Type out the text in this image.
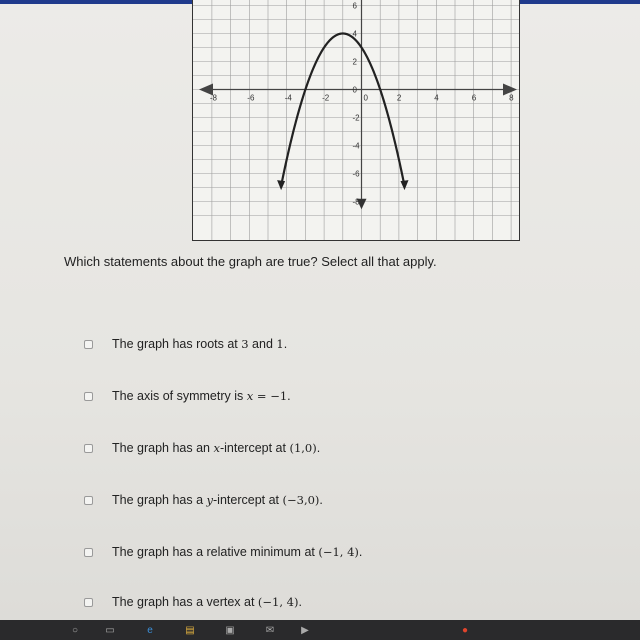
-8	-6	-4	-2	0	2	4	6	8
6
4
2
0
-2
-4
-6
-8
Which statements about the graph are true? Select all that apply.
The graph has roots at 3 and 1.
The axis of symmetry is x = −1.
The graph has an x-intercept at (1,0).
The graph has a y-intercept at (−3,0).
The graph has a relative minimum at (−1, 4).
The graph has a vertex at (−1, 4).
○	▭	e	▤	▣	✉	▶	●
